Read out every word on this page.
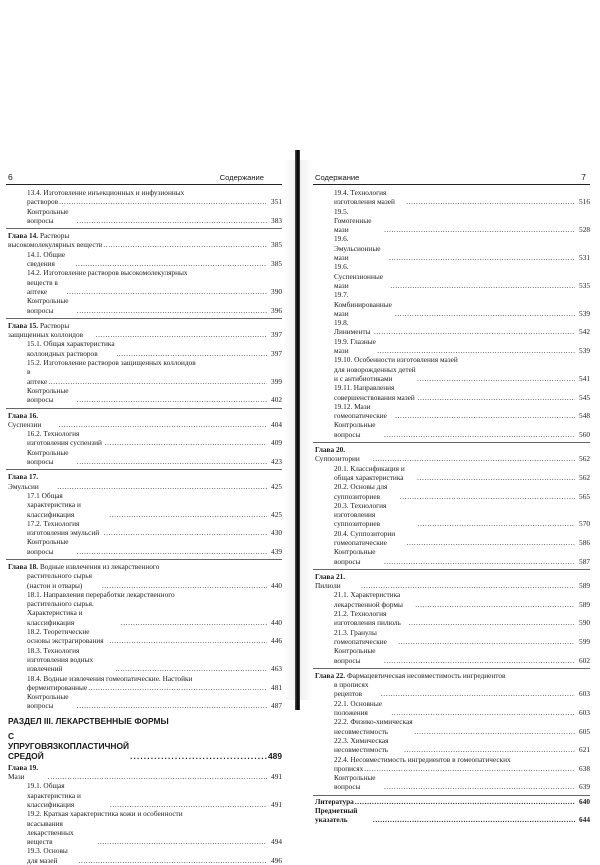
6	Содержание
13.4. Изготовление инъекционных и инфузионных
растворов . . .	351
Контрольные вопросы . . .	383
Глава 14. Растворы высокомолекулярных веществ . . .	385
14.1. Общие сведения . . .	385
14.2. Изготовление растворов высокомолекулярных
веществ в аптеке . . .	390
Контрольные вопросы . . .	396
Глава 15. Растворы защищенных коллоидов . . .	397
15.1. Общая характеристика коллоидных растворов . . .	397
15.2. Изготовление растворов защищенных коллоидов
в аптеке . . .	399
Контрольные вопросы . . .	402
Глава 16. Суспензии . . .	404
16.2. Технология изготовления суспензий . . .	409
Контрольные вопросы . . .	423
Глава 17. Эмульсии . . .	425
17.1 Общая характеристика и классификация . . .	425
17.2. Технология изготовления эмульсий . . .	430
Контрольные вопросы . . .	439
Глава 18. Водные извлечения из лекарственного
растительного сырья (настои и отвары) . . .	440
18.1. Направления переработки лекарственного
растительного сырья. Характеристика и классификация . . .	440
18.2. Теоретические основы экстрагирования . . .	446
18.3. Технология изготовления водных извлечений . . .	463
18.4. Водные извлечения гомеопатические. Настойки
ферментированные . . .	481
Контрольные вопросы . . .	487
РАЗДЕЛ III. ЛЕКАРСТВЕННЫЕ ФОРМЫ
С УПРУГОВЯЗКОПЛАСТИЧНОЙ СРЕДОЙ . . .	489
Глава 19. Мази . . .	491
19.1. Общая характеристика и классификация . . .	491
19.2. Краткая характеристика кожи и особенности
всасывания лекарственных веществ . . .	494
19.3. Основы для мазей . . .	496
Содержание	7
19.4. Технология изготовления мазей . . .	516
19.5. Гомогенные мази . . .	528
19.6. Эмульсионные мази . . .	531
19.6. Суспензионные мази . . .	535
19.7. Комбинированные мази . . .	539
19.8. Линименты . . .	542
19.9. Глазные мази . . .	539
19.10. Особенности изготовления мазей
для новорожденных детей и с антибиотиками . . .	541
19.11. Направления совершенствования мазей . . .	545
19.12. Мази гомеопатические . . .	548
Контрольные вопросы . . .	560
Глава 20. Суппозитории . . .	562
20.1. Классификация и общая характеристика . . .	562
20.2. Основы для суппозиториев . . .	565
20.3. Технология изготовления суппозиториев . . .	570
20.4. Суппозитории гомеопатические . . .	586
Контрольные вопросы . . .	587
Глава 21. Пилюли . . .	589
21.1. Характеристика лекарственной формы . . .	589
21.2. Технология изготовления пилюль . . .	590
21.3. Гранулы гомеопатические . . .	599
Контрольные вопросы . . .	602
Глава 22. Фармацевтическая несовместимость ингредиентов
в прописях рецептов . . .	603
22.1. Основные положения . . .	603
22.2. Физико-химическая несовместимость . . .	605
22.3. Химическая несовместимость . . .	621
22.4. Несовместимость ингредиентов в гомеопатических
прописях . . .	638
Контрольные вопросы . . .	639
Литература . . .	640
Предметный указатель . . .	644
